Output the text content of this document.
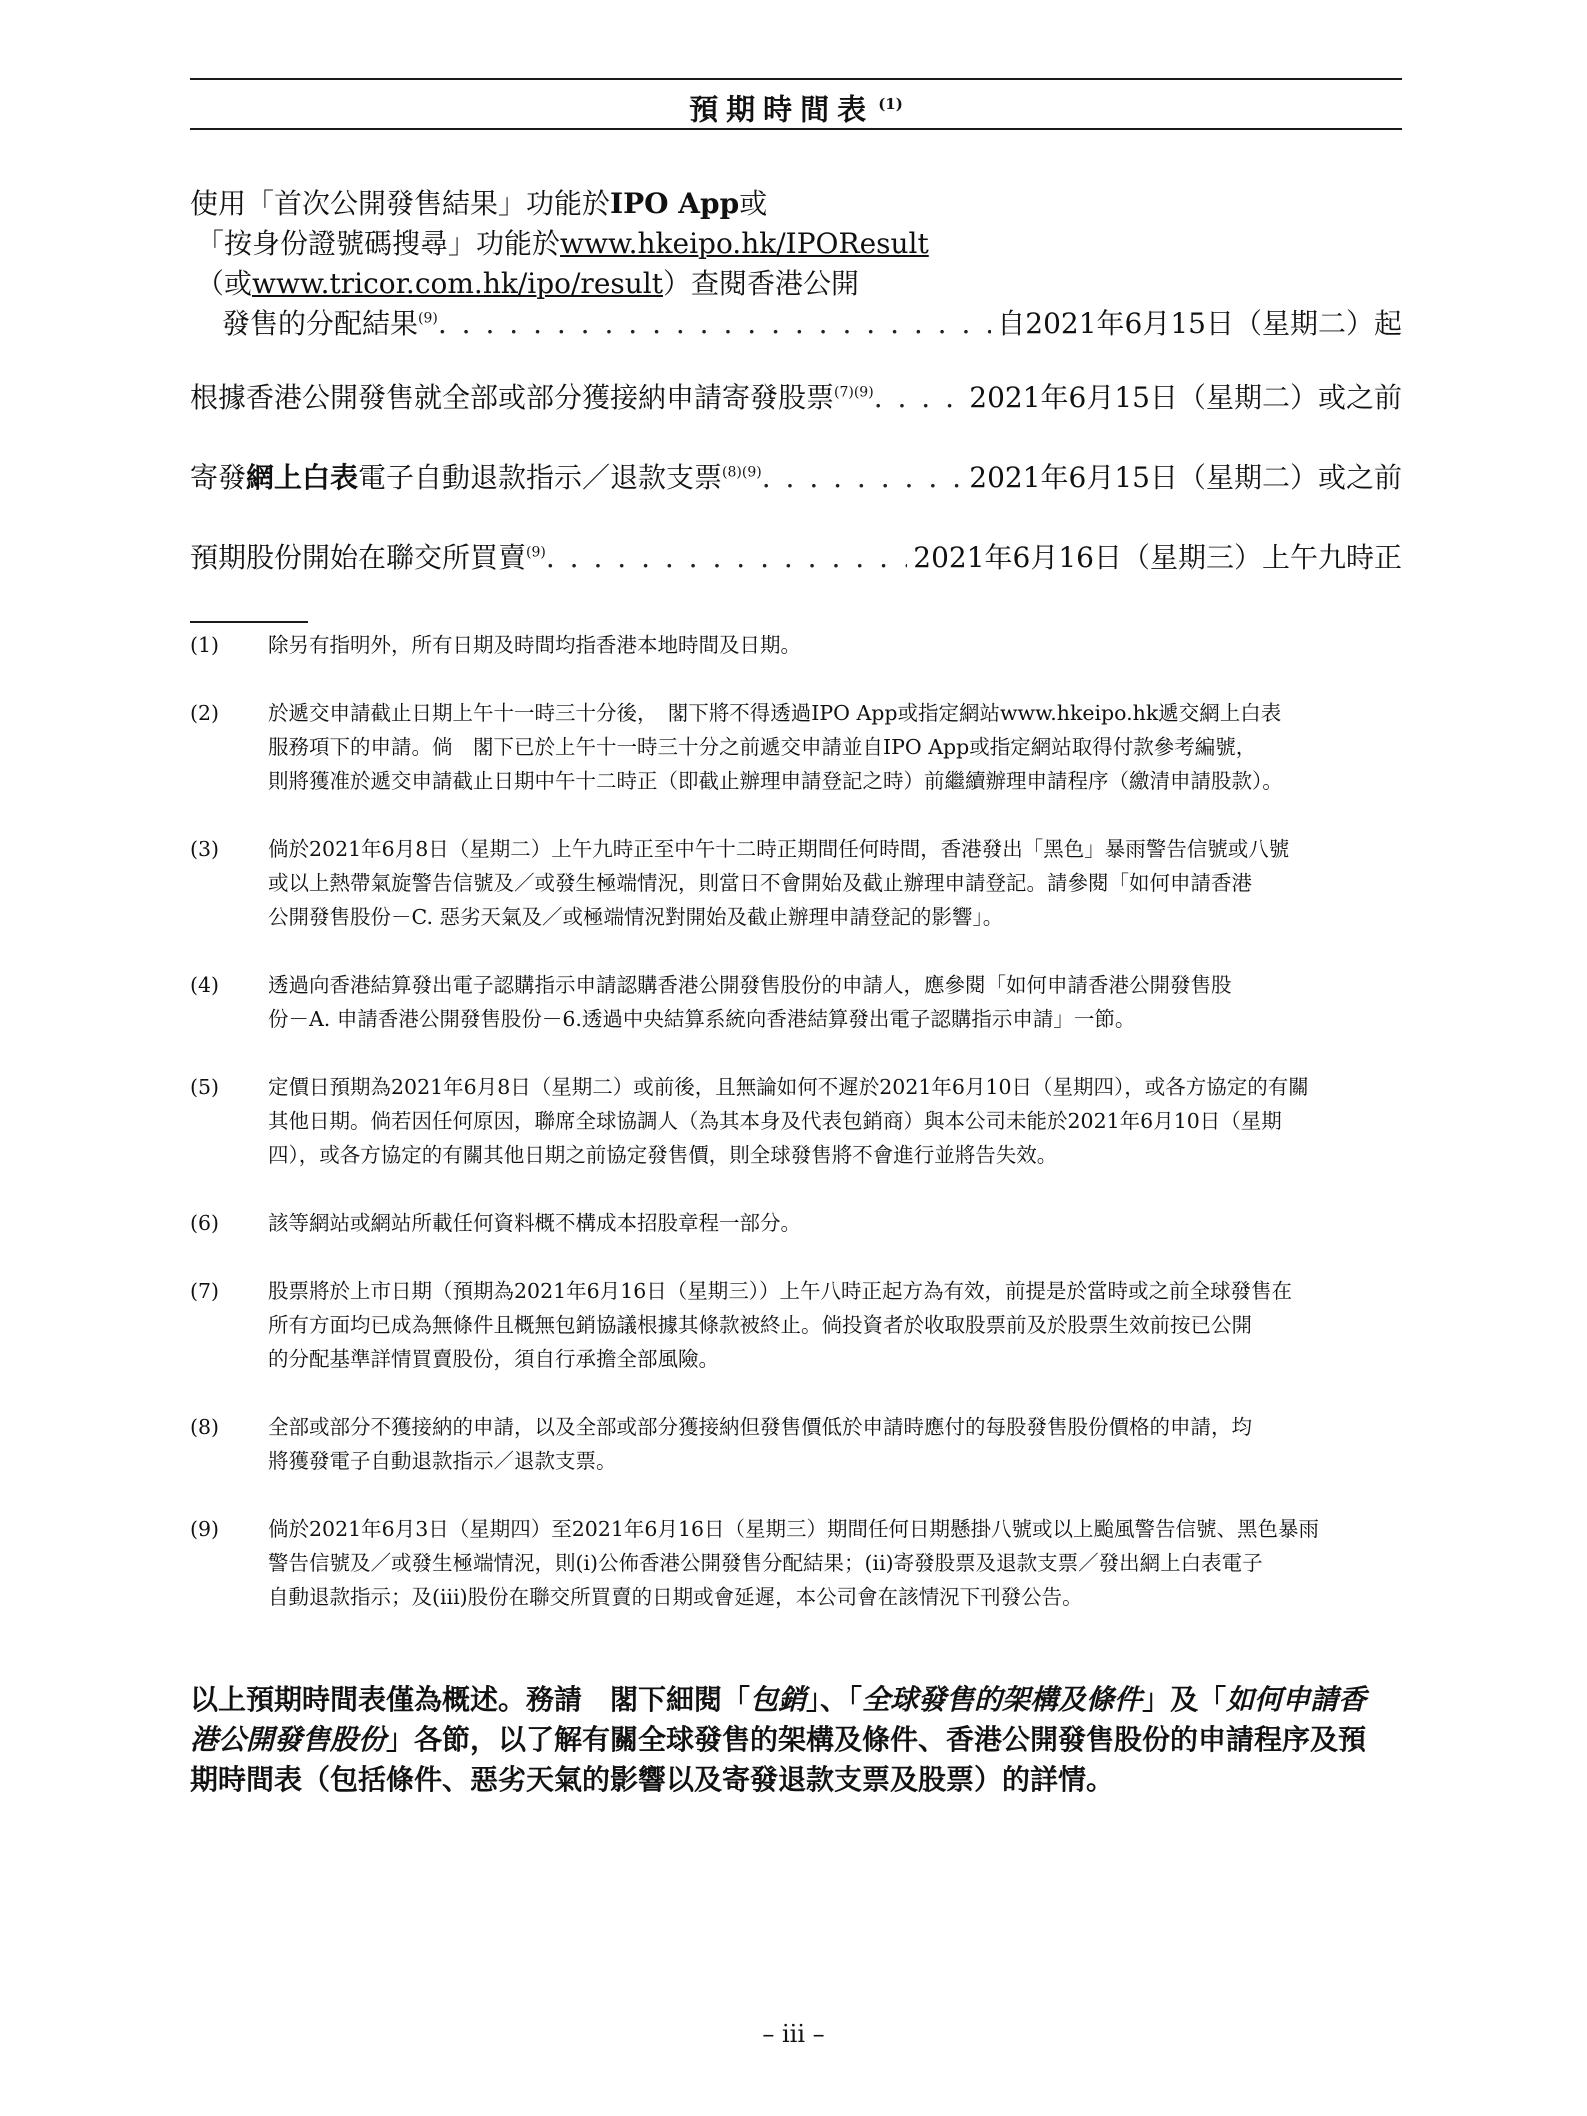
預期時間表 $^{(1)}$
使用「首次公開發售結果」功能於IPO App或
「按身份證號碼搜尋」功能於www.hkeipo.hk/IPOResult
（或www.tricor.com.hk/ipo/result）查閱香港公開
發售的分配結果$^{(9)}$ . . .	自2021年6月15日（星期二）起
根據香港公開發售就全部或部分獲接納申請寄發股票$^{(7)(9)}$ . . .	2021年6月15日（星期二）或之前
寄發網上白表電子自動退款指示／退款支票$^{(8)(9)}$ . . .	2021年6月15日（星期二）或之前
預期股份開始在聯交所買賣$^{(9)}$ . . .	2021年6月16日（星期三）上午九時正
(1) 除另有指明外，所有日期及時間均指香港本地時間及日期。

(2) 於遞交申請截止日期上午十一時三十分後，　閣下將不得透過IPO App或指定網站www.hkeipo.hk遞交網上白表

服務項下的申請。倘　閣下已於上午十一時三十分之前遞交申請並自IPO App或指定網站取得付款參考編號，

則將獲准於遞交申請截止日期中午十二時正（即截止辦理申請登記之時）前繼續辦理申請程序（繳清申請股款）。

(3) 倘於2021年6月8日（星期二）上午九時正至中午十二時正期間任何時間，香港發出「黑色」暴雨警告信號或八號

或以上熱帶氣旋警告信號及／或發生極端情況，則當日不會開始及截止辦理申請登記。請參閱「如何申請香港

公開發售股份－C. 惡劣天氣及／或極端情況對開始及截止辦理申請登記的影響」。

(4) 透過向香港結算發出電子認購指示申請認購香港公開發售股份的申請人，應參閱「如何申請香港公開發售股

份－A. 申請香港公開發售股份－6.透過中央結算系統向香港結算發出電子認購指示申請」一節。

(5) 定價日預期為2021年6月8日（星期二）或前後，且無論如何不遲於2021年6月10日（星期四），或各方協定的有關

其他日期。倘若因任何原因，聯席全球協調人（為其本身及代表包銷商）與本公司未能於2021年6月10日（星期

四），或各方協定的有關其他日期之前協定發售價，則全球發售將不會進行並將告失效。

(6) 該等網站或網站所載任何資料概不構成本招股章程一部分。

(7) 股票將於上市日期（預期為2021年6月16日（星期三））上午八時正起方為有效，前提是於當時或之前全球發售在

所有方面均已成為無條件且概無包銷協議根據其條款被終止。倘投資者於收取股票前及於股票生效前按已公開

的分配基準詳情買賣股份，須自行承擔全部風險。

(8) 全部或部分不獲接納的申請，以及全部或部分獲接納但發售價低於申請時應付的每股發售股份價格的申請，均

將獲發電子自動退款指示／退款支票。

(9) 倘於2021年6月3日（星期四）至2021年6月16日（星期三）期間任何日期懸掛八號或以上颱風警告信號、黑色暴雨

警告信號及／或發生極端情況，則(i)公佈香港公開發售分配結果；(ii)寄發股票及退款支票／發出網上白表電子

自動退款指示；及(iii)股份在聯交所買賣的日期或會延遲，本公司會在該情況下刊發公告。

以上預期時間表僅為概述。務請　閣下細閱「包銷」、「全球發售的架構及條件」及「如何申請香

港公開發售股份」各節，以了解有關全球發售的架構及條件、香港公開發售股份的申請程序及預

期時間表（包括條件、惡劣天氣的影響以及寄發退款支票及股票）的詳情。

– iii –
